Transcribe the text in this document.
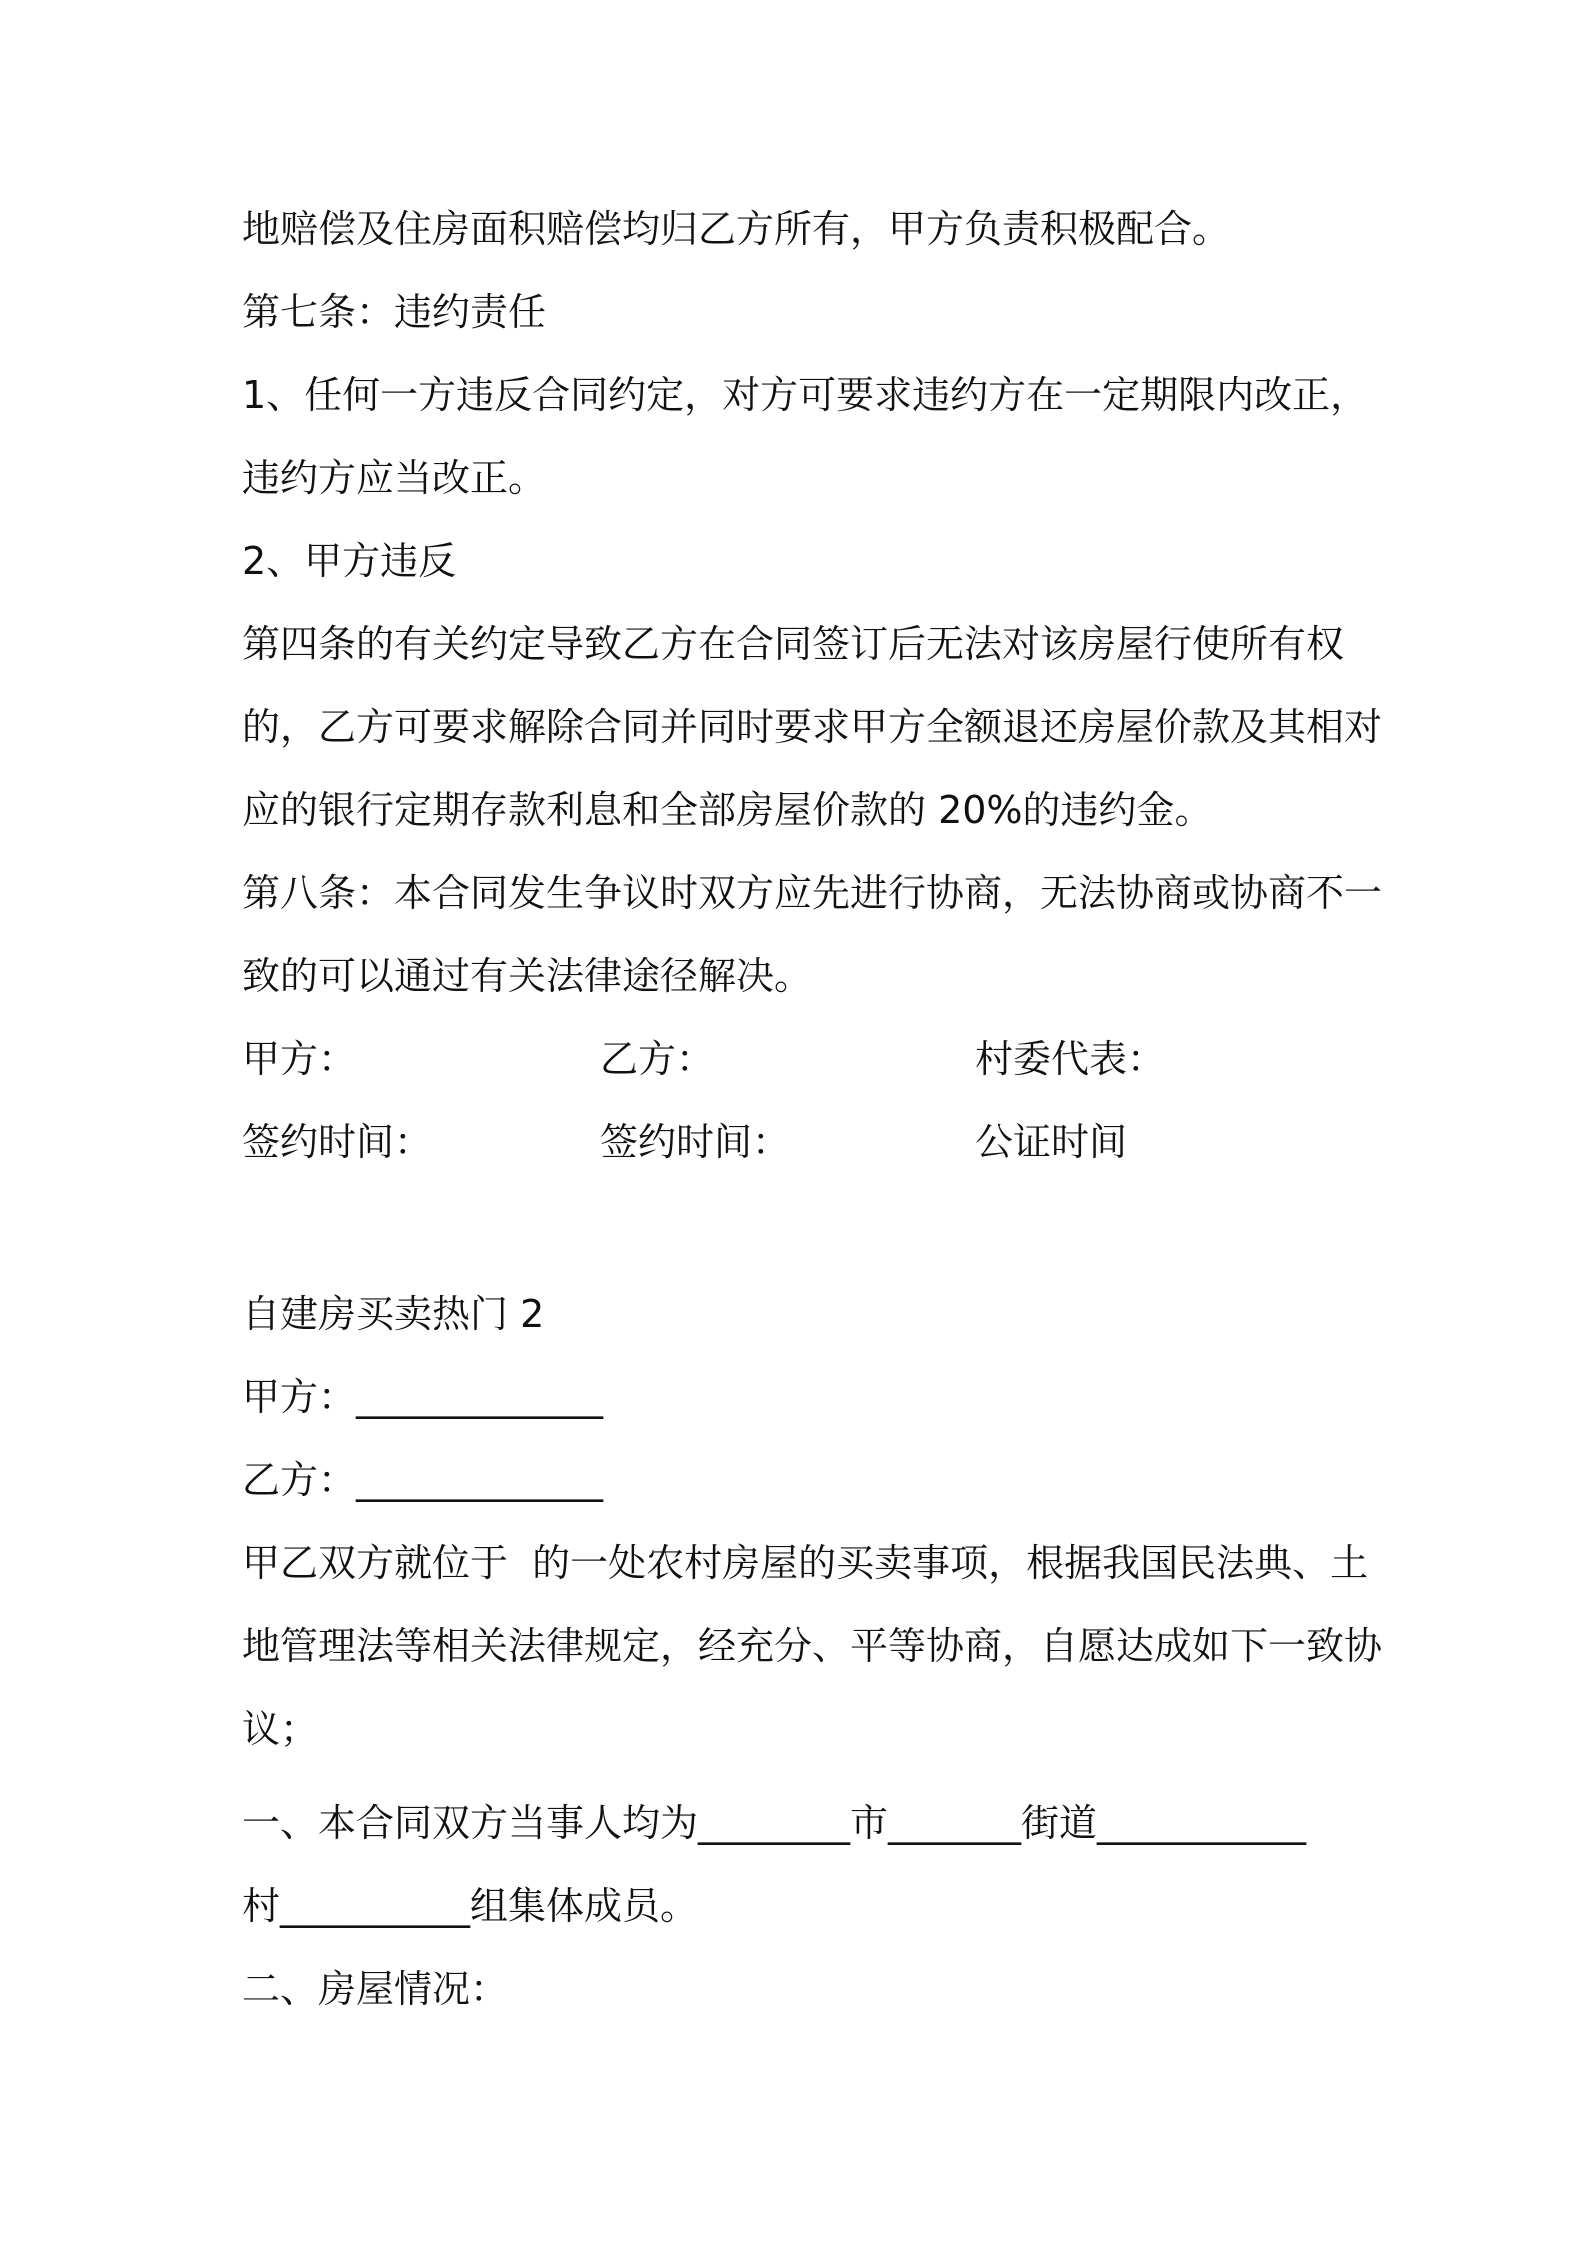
地赔偿及住房面积赔偿均归乙方所有，甲方负责积极配合。
第七条：违约责任
1、任何一方违反合同约定，对方可要求违约方在一定期限内改正，
违约方应当改正。
2、甲方违反
第四条的有关约定导致乙方在合同签订后无法对该房屋行使所有权
的，乙方可要求解除合同并同时要求甲方全额退还房屋价款及其相对
应的银行定期存款利息和全部房屋价款的 20%的违约金。
第八条：本合同发生争议时双方应先进行协商，无法协商或协商不一
致的可以通过有关法律途径解决。
甲方：	乙方：	村委代表：
签约时间：	签约时间：	公证时间
自建房买卖热门 2
甲方：_____________
乙方：_____________
甲乙双方就位于  的一处农村房屋的买卖事项，根据我国民法典、土
地管理法等相关法律规定，经充分、平等协商，自愿达成如下一致协
议；
一、本合同双方当事人均为________市_______街道___________
村__________组集体成员。
二、房屋情况：
